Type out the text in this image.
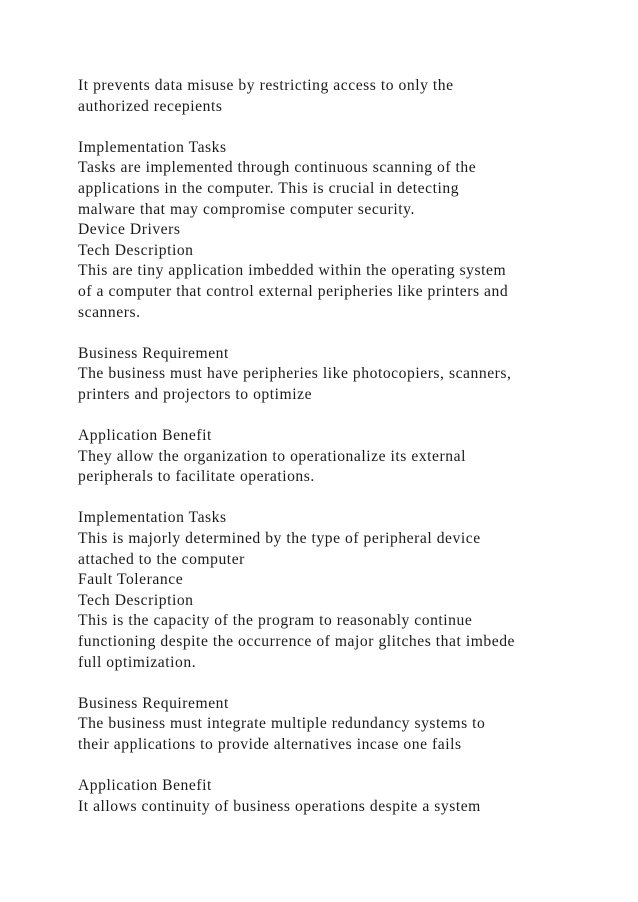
It prevents data misuse by restricting access to only the
authorized recepients
Implementation Tasks
Tasks are implemented through continuous scanning of the
applications in the computer. This is crucial in detecting
malware that may compromise computer security.
Device Drivers
Tech Description
This are tiny application imbedded within the operating system
of a computer that control external peripheries like printers and
scanners.
Business Requirement
The business must have peripheries like photocopiers, scanners,
printers and projectors to optimize
Application Benefit
They allow the organization to operationalize its external
peripherals to facilitate operations.
Implementation Tasks
This is majorly determined by the type of peripheral device
attached to the computer
Fault Tolerance
Tech Description
This is the capacity of the program to reasonably continue
functioning despite the occurrence of major glitches that imbede
full optimization.
Business Requirement
The business must integrate multiple redundancy systems to
their applications to provide alternatives incase one fails
Application Benefit
It allows continuity of business operations despite a system
